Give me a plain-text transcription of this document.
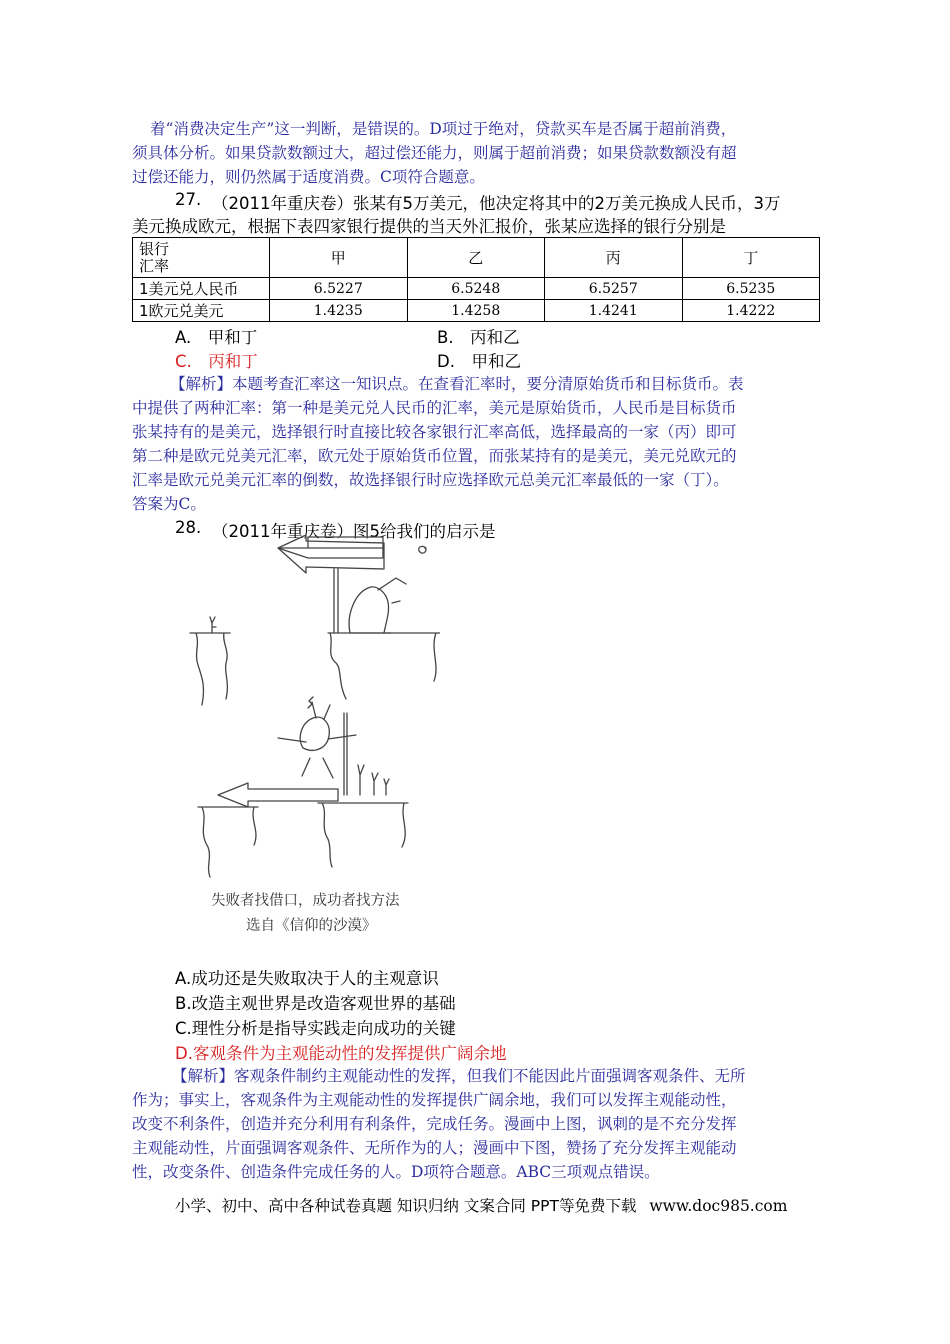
着“消费决定生产”这一判断，是错误的。D项过于绝对，贷款买车是否属于超前消费，
须具体分析。如果贷款数额过大，超过偿还能力，则属于超前消费；如果贷款数额没有超
过偿还能力，则仍然属于适度消费。C项符合题意。
27. （2011年重庆卷）张某有5万美元，他决定将其中的2万美元换成人民币，3万
美元换成欧元，根据下表四家银行提供的当天外汇报价，张某应选择的银行分别是
银行
汇率	甲	乙	丙	丁
1美元兑人民币	6.5227	6.5248	6.5257	6.5235
1欧元兑美元	1.4235	1.4258	1.4241	1.4222
A.　甲和丁	B.　丙和乙
C.　丙和丁	D.　甲和乙
【解析】本题考查汇率这一知识点。在查看汇率时，要分清原始货币和目标货币。表
中提供了两种汇率：第一种是美元兑人民币的汇率，美元是原始货币，人民币是目标货币
张某持有的是美元，选择银行时直接比较各家银行汇率高低，选择最高的一家（丙）即可
第二种是欧元兑美元汇率，欧元处于原始货币位置，而张某持有的是美元，美元兑欧元的
汇率是欧元兑美元汇率的倒数，故选择银行时应选择欧元总美元汇率最低的一家（丁）。
答案为C。
28. （2011年重庆卷）图5给我们的启示是
失败者找借口，成功者找方法
选自《信仰的沙漠》
A.成功还是失败取决于人的主观意识
B.改造主观世界是改造客观世界的基础
C.理性分析是指导实践走向成功的关键
D.客观条件为主观能动性的发挥提供广阔余地
【解析】客观条件制约主观能动性的发挥，但我们不能因此片面强调客观条件、无所
作为；事实上，客观条件为主观能动性的发挥提供广阔余地，我们可以发挥主观能动性，
改变不利条件，创造并充分利用有利条件，完成任务。漫画中上图，讽刺的是不充分发挥
主观能动性，片面强调客观条件、无所作为的人；漫画中下图，赞扬了充分发挥主观能动
性，改变条件、创造条件完成任务的人。D项符合题意。ABC三项观点错误。
小学、初中、高中各种试卷真题 知识归纳 文案合同 PPT等免费下载 www.doc985.com
